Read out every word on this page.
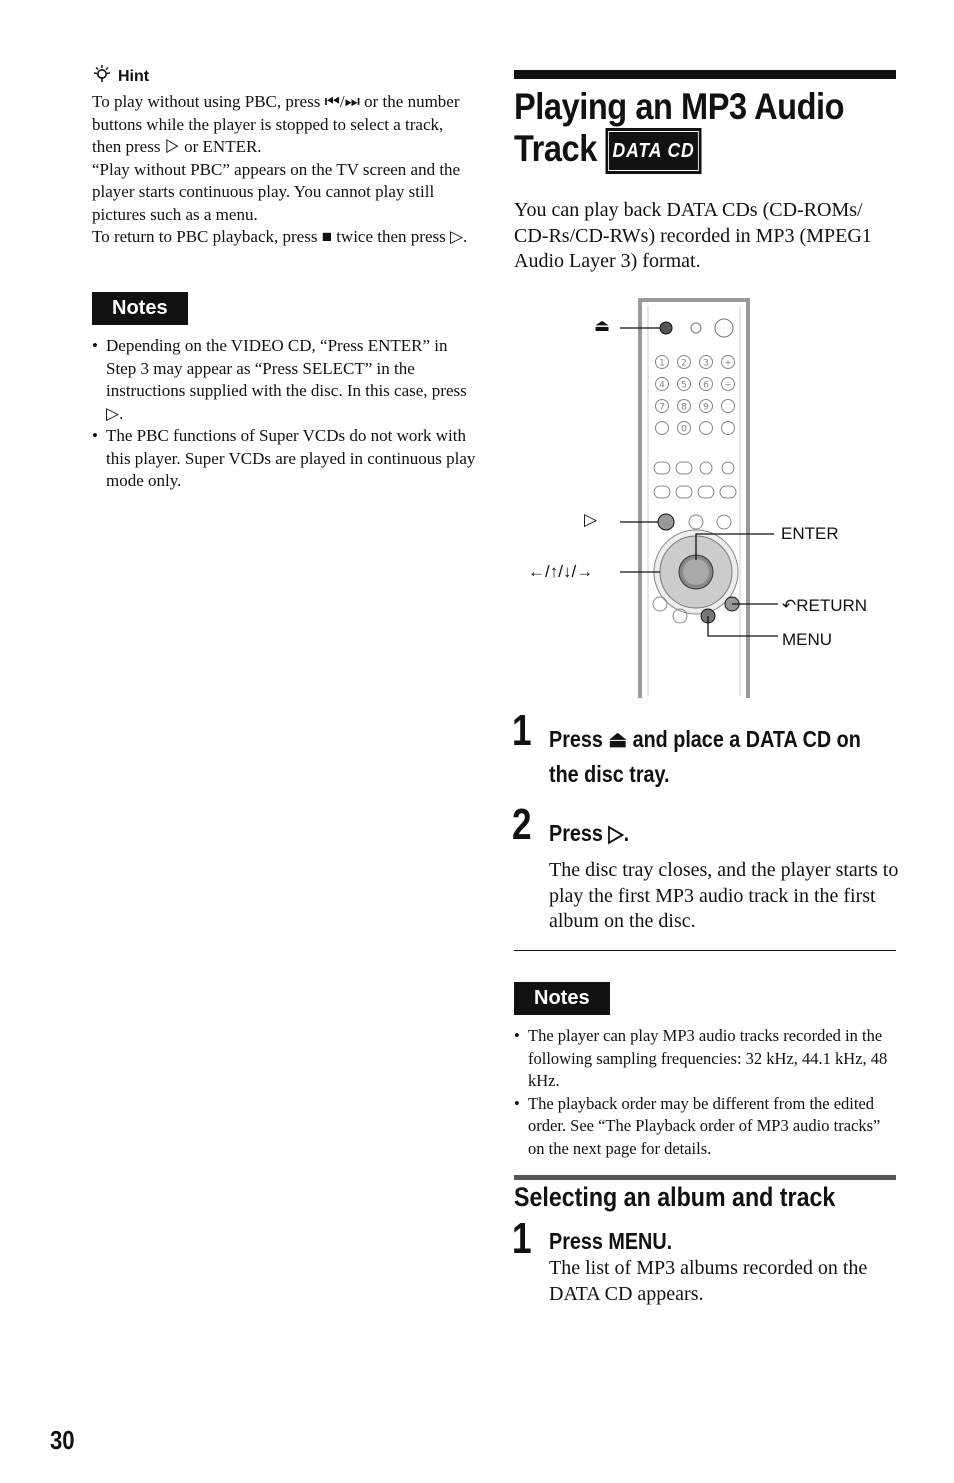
Hint

To play without using PBC, press ⏮/⏭ or the number buttons while the player is stopped to select a track, then press ▷ or ENTER.

“Play without PBC” appears on the TV screen and the player starts continuous play. You cannot play still pictures such as a menu.

To return to PBC playback, press ■ twice then press ▷.

Notes
• Depending on the VIDEO CD, “Press ENTER” in Step 3 may appear as “Press SELECT” in the instructions supplied with the disc. In this case, press ▷.
• The PBC functions of Super VCDs do not work with this player. Super VCDs are played in continuous play mode only.
Playing an MP3 Audio
Track DATA CD

You can play back DATA CDs (CD-ROMs/ CD-Rs/CD-RWs) recorded in MP3 (MPEG1 Audio Layer 3) format.

1 2 3 +
4 5 6 −
7 8 9
0
⏏
▷
←/↑/↓/→
ENTER
↶RETURN
MENU
1 Press ⏏ and place a DATA CD on the disc tray.
2 Press ▷.

The disc tray closes, and the player starts to play the first MP3 audio track in the first album on the disc.

Notes
• The player can play MP3 audio tracks recorded in the following sampling frequencies: 32 kHz, 44.1 kHz, 48 kHz.
• The playback order may be different from the edited order. See “The Playback order of MP3 audio tracks” on the next page for details.
Selecting an album and track
1 Press MENU.

The list of MP3 albums recorded on the DATA CD appears.

30
